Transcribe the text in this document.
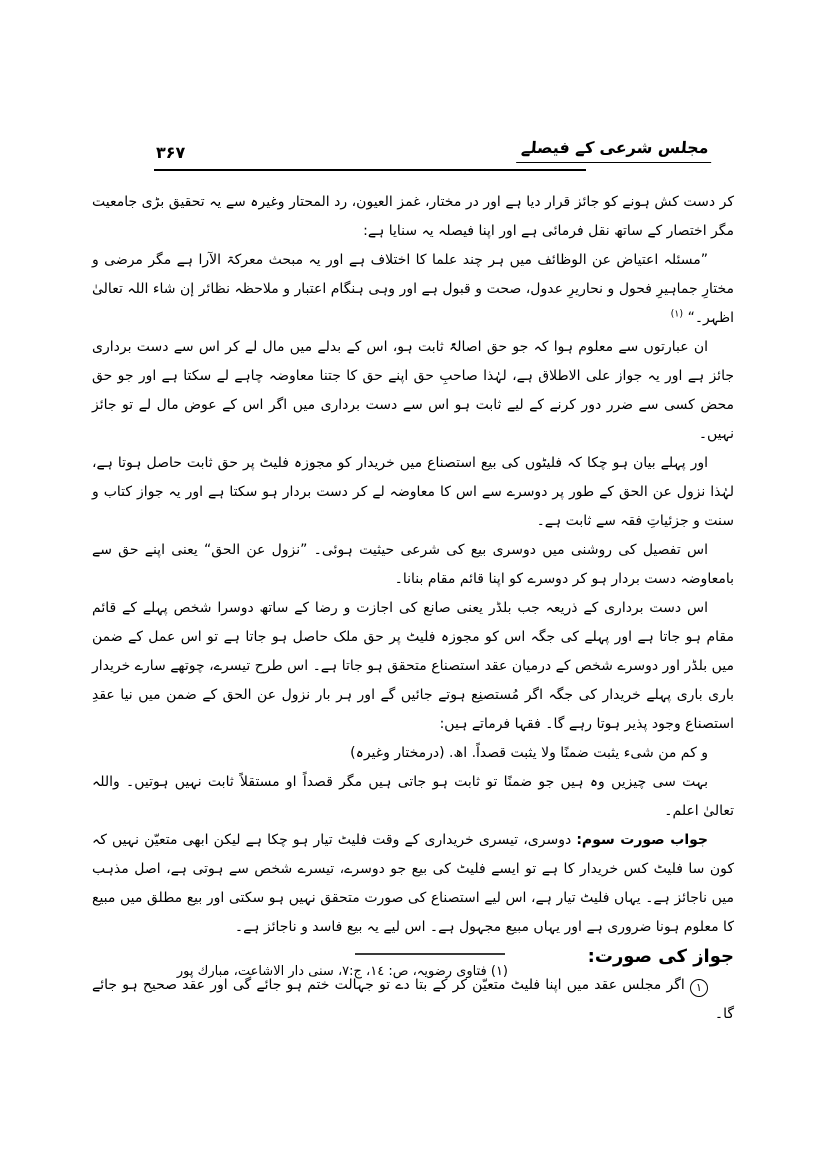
مجلس شرعی کے فیصلے
۳۶۷

کر دست کش ہونے کو جائز قرار دیا ہے اور در مختار، غمز العیون، رد المحتار وغیرہ سے یہ تحقیق بڑی جامعیت مگر اختصار کے ساتھ نقل فرمائی ہے اور اپنا فیصلہ یہ سنایا ہے:

”مسئلہ اعتیاض عن الوظائف میں ہر چند علما کا اختلاف ہے اور یہ مبحث معرکۃ الآرا ہے مگر مرضی و مختارِ جماہیرِ فحول و نحاریرِ عدول، صحت و قبول ہے اور وہی ہنگام اعتبار و ملاحظہ نظائر إن شاء اللہ تعالیٰ اظہر۔“ $^{(۱)}$

ان عبارتوں سے معلوم ہوا کہ جو حق اصالۃً ثابت ہو، اس کے بدلے میں مال لے کر اس سے دست برداری جائز ہے اور یہ جواز علی الاطلاق ہے، لہٰذا صاحبِ حق اپنے حق کا جتنا معاوضہ چاہے لے سکتا ہے اور جو حق محض کسی سے ضرر دور کرنے کے لیے ثابت ہو اس سے دست برداری میں اگر اس کے عوض مال لے تو جائز نہیں۔

اور پہلے بیان ہو چکا کہ فلیٹوں کی بیع استصناع میں خریدار کو مجوزہ فلیٹ پر حق ثابت حاصل ہوتا ہے، لہٰذا نزول عن الحق کے طور پر دوسرے سے اس کا معاوضہ لے کر دست بردار ہو سکتا ہے اور یہ جواز کتاب و سنت و جزئیاتِ فقہ سے ثابت ہے۔

اس تفصیل کی روشنی میں دوسری بیع کی شرعی حیثیت ہوئی۔ ”نزول عن الحق“ یعنی اپنے حق سے بامعاوضہ دست بردار ہو کر دوسرے کو اپنا قائم مقام بنانا۔

اس دست برداری کے ذریعہ جب بلڈر یعنی صانع کی اجازت و رضا کے ساتھ دوسرا شخص پہلے کے قائم مقام ہو جاتا ہے اور پہلے کی جگہ اس کو مجوزہ فلیٹ پر حق ملک حاصل ہو جاتا ہے تو اس عمل کے ضمن میں بلڈر اور دوسرے شخص کے درمیان عقد استصناع متحقق ہو جاتا ہے۔ اس طرح تیسرے، چوتھے سارے خریدار باری باری پہلے خریدار کی جگہ اگر مُستصنِع ہوتے جائیں گے اور ہر بار نزول عن الحق کے ضمن میں نیا عقدِ استصناع وجود پذیر ہوتا رہے گا۔ فقہا فرماتے ہیں:

و کم من شیء یثبت ضمنًا ولا یثبت قصداً. اھ. (درمختار وغیرہ)

بہت سی چیزیں وہ ہیں جو ضمنًا تو ثابت ہو جاتی ہیں مگر قصداً او مستقلاً ثابت نہیں ہوتیں۔ واللہ تعالیٰ اعلم۔

جواب صورت سوم: دوسری، تیسری خریداری کے وقت فلیٹ تیار ہو چکا ہے لیکن ابھی متعیّن نہیں کہ کون سا فلیٹ کس خریدار کا ہے تو ایسے فلیٹ کی بیع جو دوسرے، تیسرے شخص سے ہوتی ہے، اصل مذہب میں ناجائز ہے۔ یہاں فلیٹ تیار ہے، اس لیے استصناع کی صورت متحقق نہیں ہو سکتی اور بیع مطلق میں مبیع کا معلوم ہونا ضروری ہے اور یہاں مبیع مجہول ہے۔ اس لیے یہ بیع فاسد و ناجائز ہے۔

جواز کی صورت:

۱ اگر مجلس عقد میں اپنا فلیٹ متعیّن کر کے بتا دے تو جہالت ختم ہو جائے گی اور عقد صحیح ہو جائے گا۔

(۱) فتاوی رضویہ، ص: ١٤، ج:٧، سنی دار الاشاعت، مبارك پور
